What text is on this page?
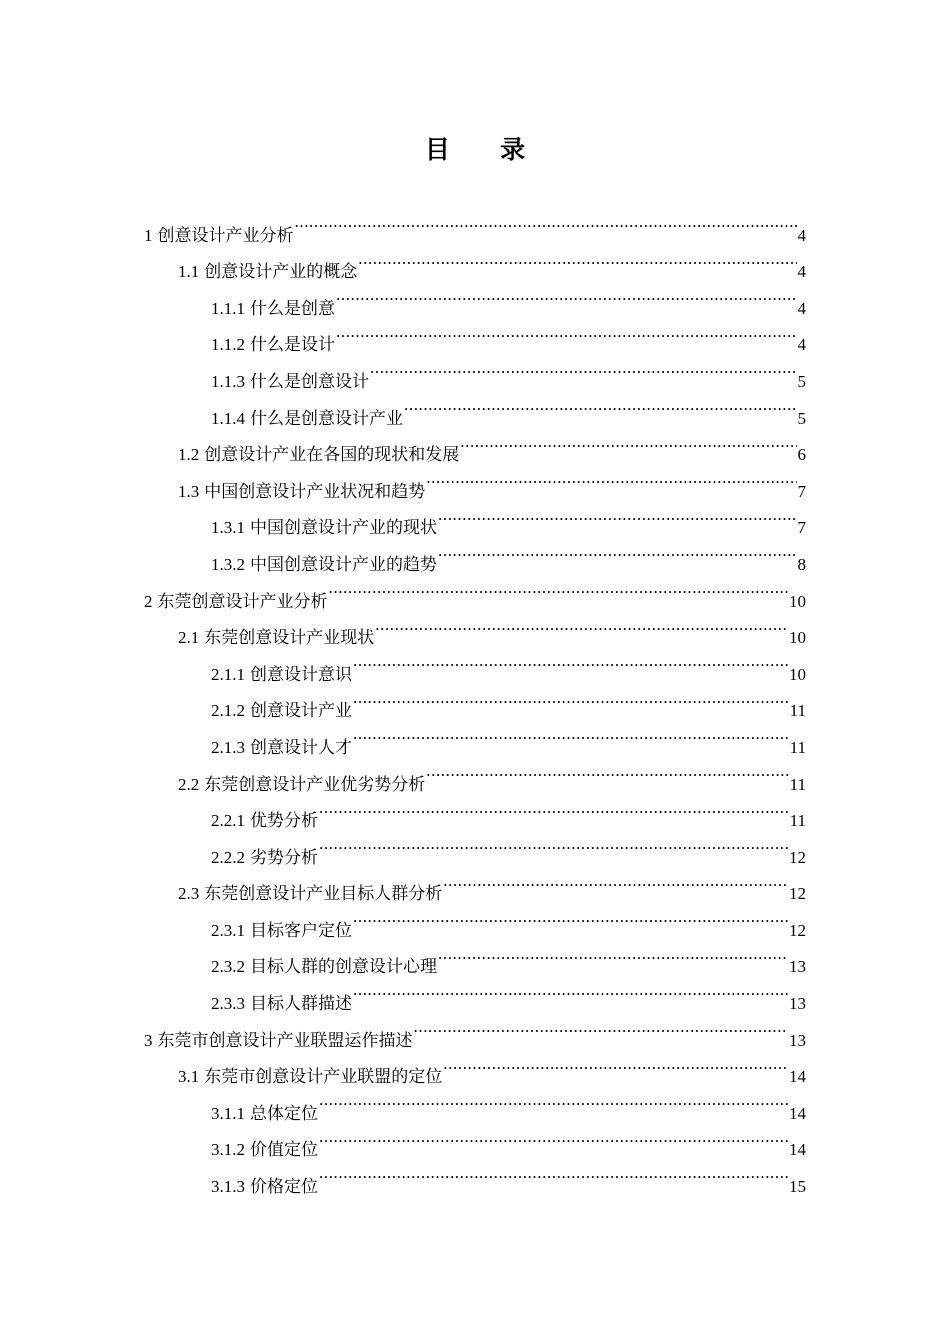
目 录
1 创意设计产业分析 .....	4
1.1 创意设计产业的概念 .....	4
1.1.1 什么是创意 .....	4
1.1.2 什么是设计 .....	4
1.1.3 什么是创意设计 .....	5
1.1.4 什么是创意设计产业 .....	5
1.2 创意设计产业在各国的现状和发展 .....	6
1.3 中国创意设计产业状况和趋势 .....	7
1.3.1 中国创意设计产业的现状 .....	7
1.3.2 中国创意设计产业的趋势 .....	8
2 东莞创意设计产业分析 .....	10
2.1 东莞创意设计产业现状 .....	10
2.1.1 创意设计意识 .....	10
2.1.2 创意设计产业 .....	11
2.1.3 创意设计人才 .....	11
2.2 东莞创意设计产业优劣势分析 .....	11
2.2.1 优势分析 .....	11
2.2.2 劣势分析 .....	12
2.3 东莞创意设计产业目标人群分析 .....	12
2.3.1 目标客户定位 .....	12
2.3.2 目标人群的创意设计心理 .....	13
2.3.3 目标人群描述 .....	13
3 东莞市创意设计产业联盟运作描述 .....	13
3.1 东莞市创意设计产业联盟的定位 .....	14
3.1.1 总体定位 .....	14
3.1.2 价值定位 .....	14
3.1.3 价格定位 .....	15
